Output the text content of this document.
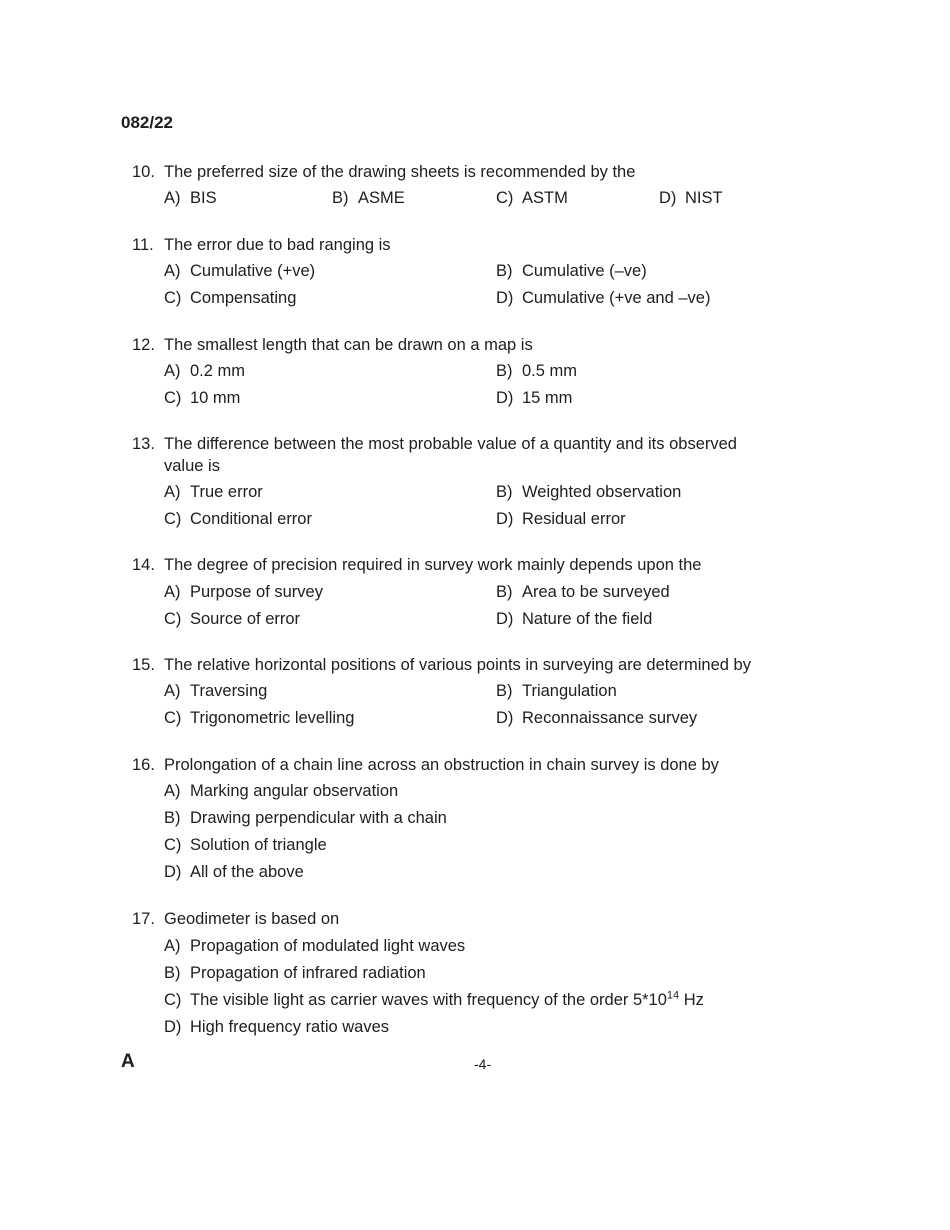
082/22
10. The preferred size of the drawing sheets is recommended by the
A) BIS	B) ASME	C) ASTM	D) NIST
11. The error due to bad ranging is
A) Cumulative (+ve)	B) Cumulative (–ve)
C) Compensating	D) Cumulative (+ve and –ve)
12. The smallest length that can be drawn on a map is
A) 0.2 mm	B) 0.5 mm
C) 10 mm	D) 15 mm
13. The difference between the most probable value of a quantity and its observed value is
A) True error	B) Weighted observation
C) Conditional error	D) Residual error
14. The degree of precision required in survey work mainly depends upon the
A) Purpose of survey	B) Area to be surveyed
C) Source of error	D) Nature of the field
15. The relative horizontal positions of various points in surveying are determined by
A) Traversing	B) Triangulation
C) Trigonometric levelling	D) Reconnaissance survey
16. Prolongation of a chain line across an obstruction in chain survey is done by
A) Marking angular observation
B) Drawing perpendicular with a chain
C) Solution of triangle
D) All of the above
17. Geodimeter is based on
A) Propagation of modulated light waves
B) Propagation of infrared radiation
C) The visible light as carrier waves with frequency of the order $5*10^{14}$ Hz
D) High frequency ratio waves
A	-4-
